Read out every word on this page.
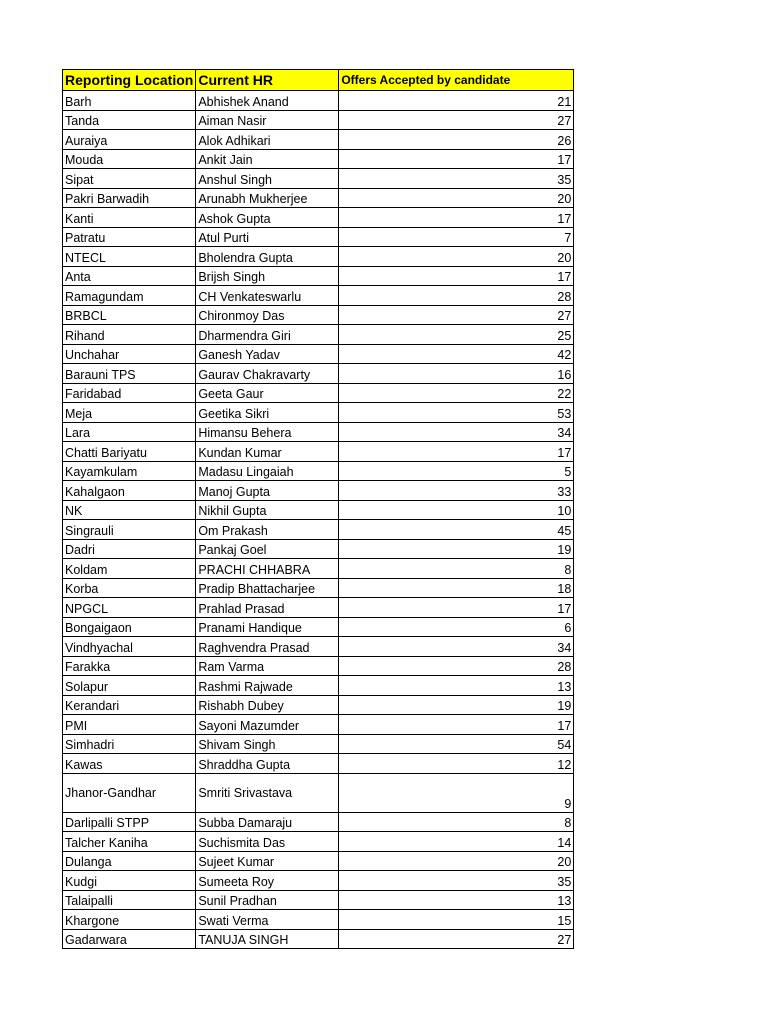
Reporting Location	Current HR	Offers Accepted by candidate
Barh	Abhishek Anand	21
Tanda	Aiman Nasir	27
Auraiya	Alok Adhikari	26
Mouda	Ankit Jain	17
Sipat	Anshul Singh	35
Pakri Barwadih	Arunabh Mukherjee	20
Kanti	Ashok Gupta	17
Patratu	Atul Purti	7
NTECL	Bholendra Gupta	20
Anta	Brijsh Singh	17
Ramagundam	CH Venkateswarlu	28
BRBCL	Chironmoy Das	27
Rihand	Dharmendra Giri	25
Unchahar	Ganesh Yadav	42
Barauni TPS	Gaurav Chakravarty	16
Faridabad	Geeta Gaur	22
Meja	Geetika Sikri	53
Lara	Himansu Behera	34
Chatti Bariyatu	Kundan Kumar	17
Kayamkulam	Madasu Lingaiah	5
Kahalgaon	Manoj Gupta	33
NK	Nikhil Gupta	10
Singrauli	Om Prakash	45
Dadri	Pankaj Goel	19
Koldam	PRACHI CHHABRA	8
Korba	Pradip Bhattacharjee	18
NPGCL	Prahlad Prasad	17
Bongaigaon	Pranami Handique	6
Vindhyachal	Raghvendra Prasad	34
Farakka	Ram Varma	28
Solapur	Rashmi Rajwade	13
Kerandari	Rishabh Dubey	19
PMI	Sayoni Mazumder	17
Simhadri	Shivam Singh	54
Kawas	Shraddha Gupta	12
Jhanor-Gandhar	Smriti Srivastava	9
Darlipalli STPP	Subba Damaraju	8
Talcher Kaniha	Suchismita Das	14
Dulanga	Sujeet Kumar	20
Kudgi	Sumeeta Roy	35
Talaipalli	Sunil Pradhan	13
Khargone	Swati Verma	15
Gadarwara	TANUJA SINGH	27
